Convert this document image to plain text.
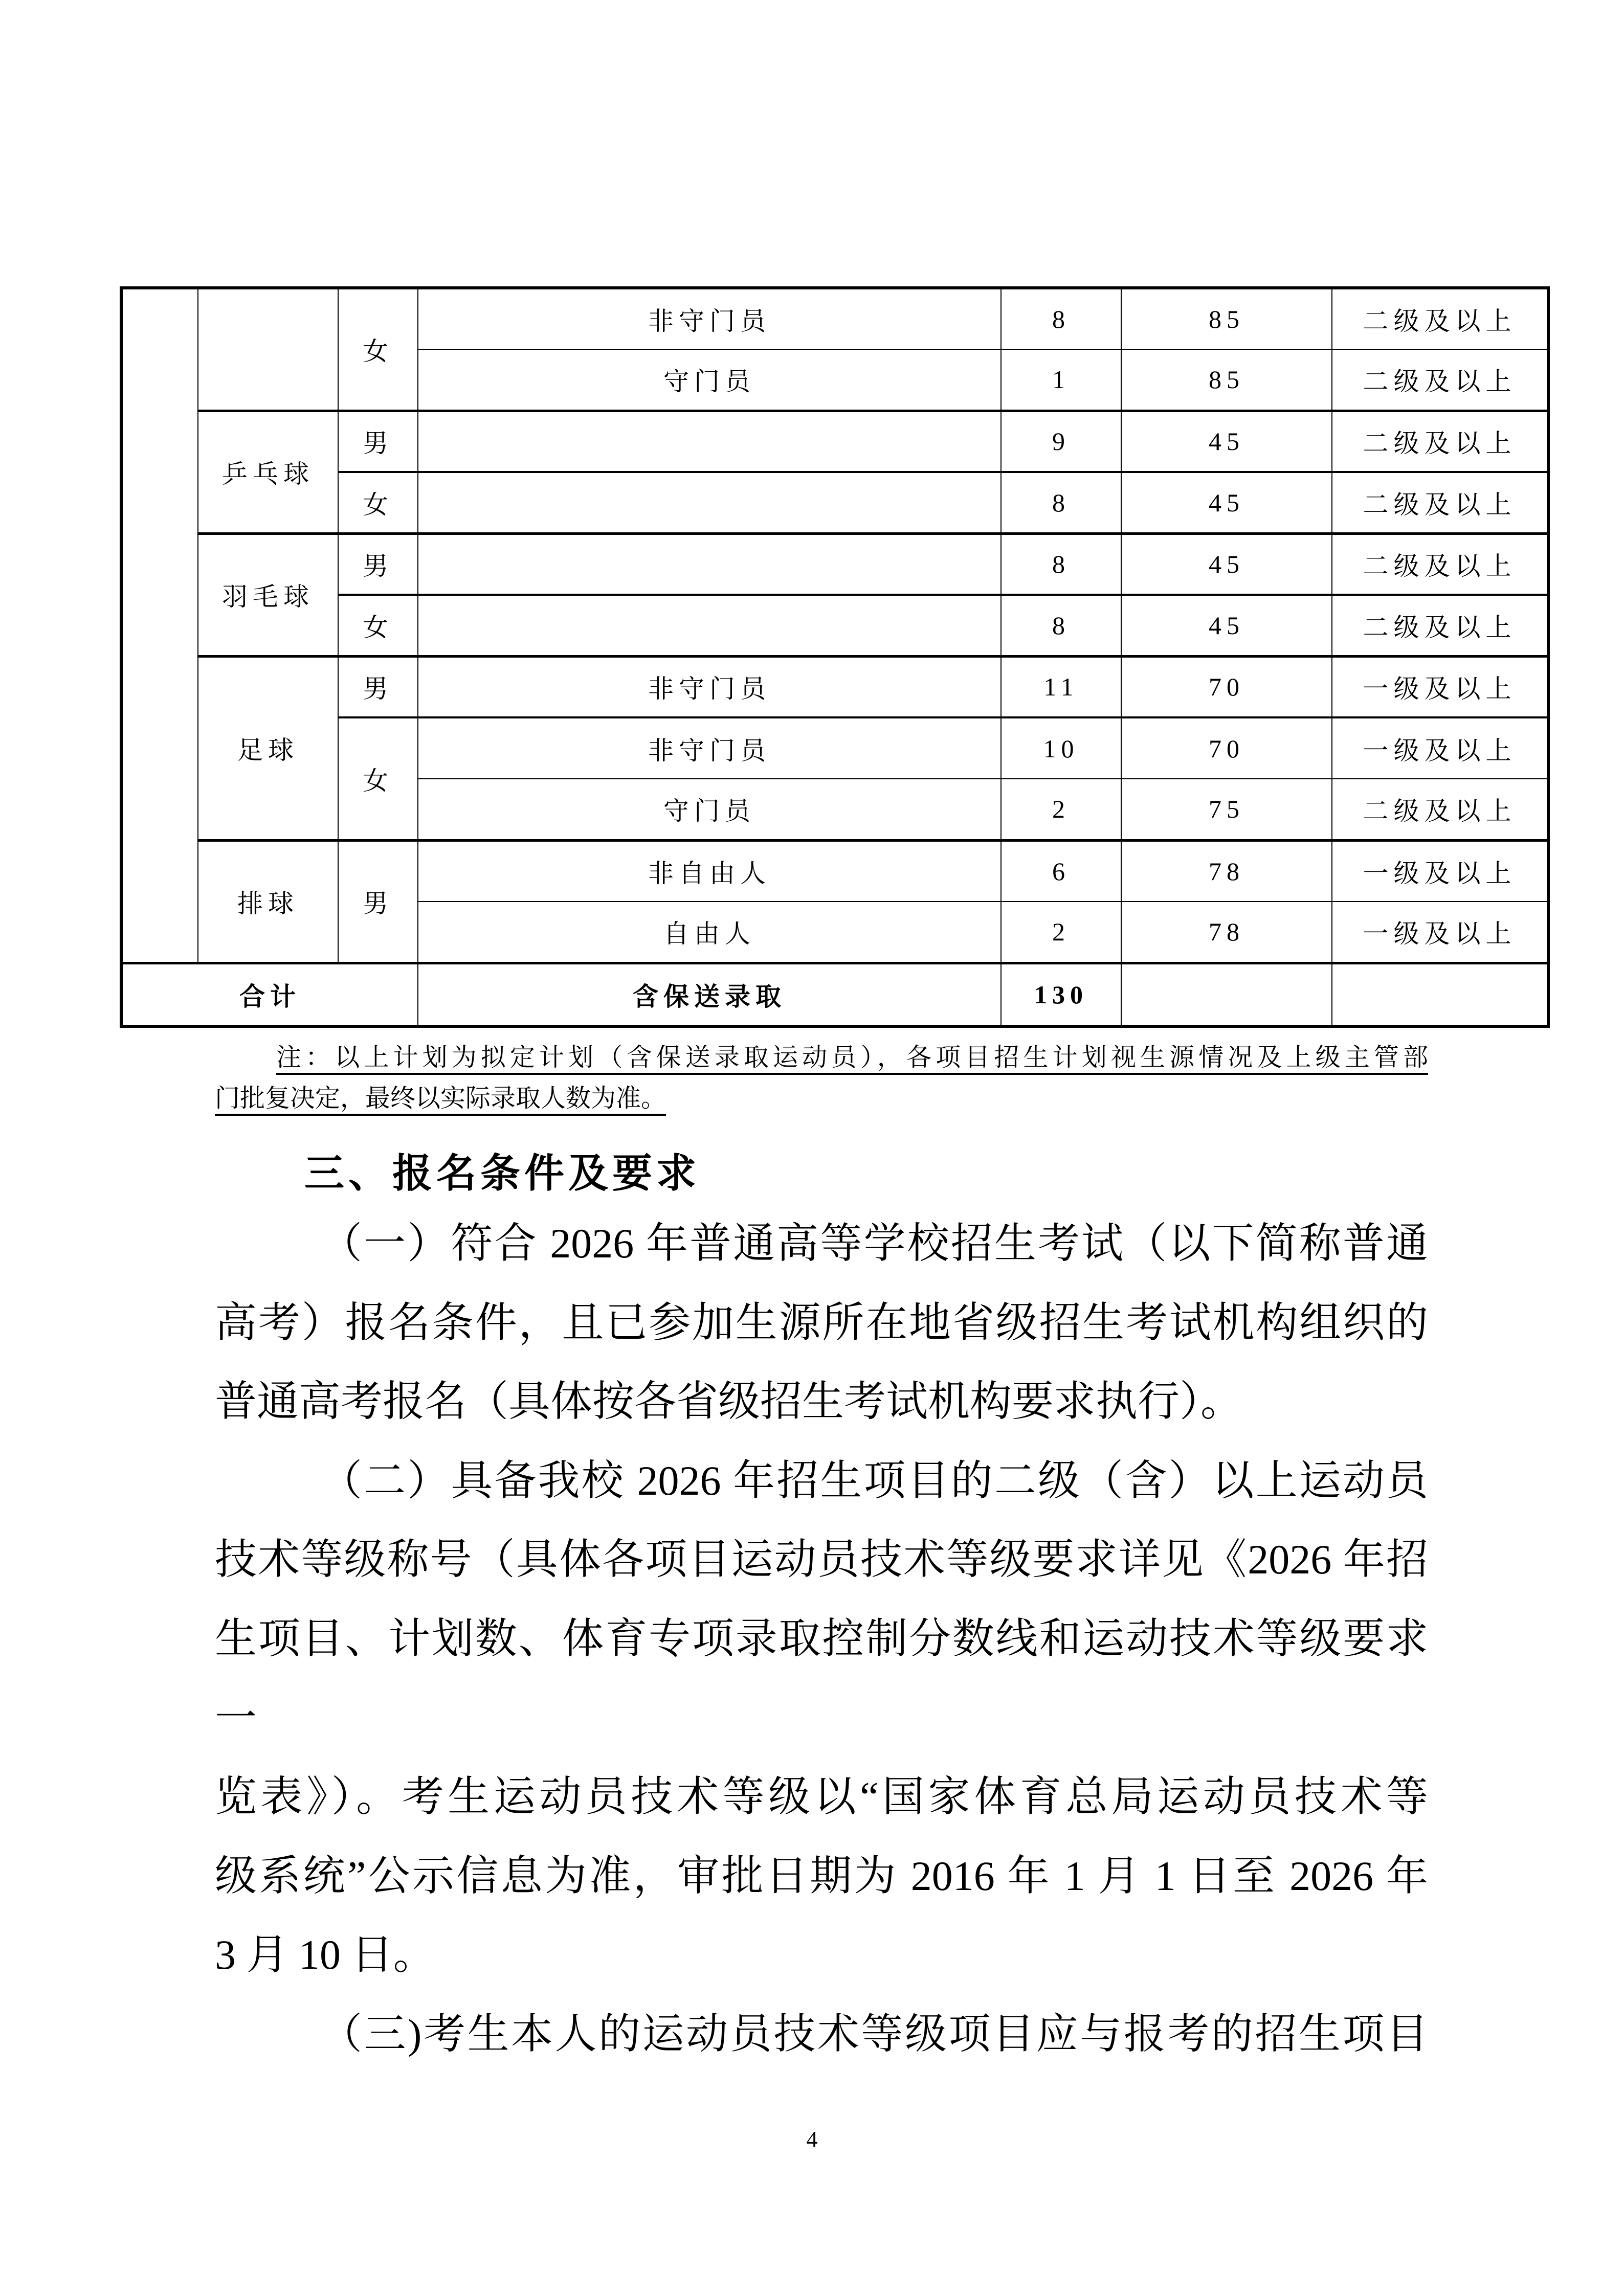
		女	非守门员	8	85	二级及以上
			守门员	1	85	二级及以上
	乒乓球	男		9	45	二级及以上
		女		8	45	二级及以上
	羽毛球	男		8	45	二级及以上
		女		8	45	二级及以上
	足球	男	非守门员	11	70	一级及以上
		女	非守门员	10	70	一级及以上
			守门员	2	75	二级及以上
	排球	男	非自由人	6	78	一级及以上
			自由人	2	78	一级及以上
合计			含保送录取	130		
注：以上计划为拟定计划（含保送录取运动员），各项目招生计划视生源情况及上级主管部
门批复决定，最终以实际录取人数为准。
三、报名条件及要求
（一）符合 2026 年普通高等学校招生考试（以下简称普通
高考）报名条件，且已参加生源所在地省级招生考试机构组织的
普通高考报名（具体按各省级招生考试机构要求执行）。
（二）具备我校 2026 年招生项目的二级（含）以上运动员
技术等级称号（具体各项目运动员技术等级要求详见《2026 年招
生项目、计划数、体育专项录取控制分数线和运动技术等级要求一
览表》）。考生运动员技术等级以“国家体育总局运动员技术等
级系统”公示信息为准，审批日期为 2016 年 1 月 1 日至 2026 年
3 月 10 日。
（三)考生本人的运动员技术等级项目应与报考的招生项目
4
